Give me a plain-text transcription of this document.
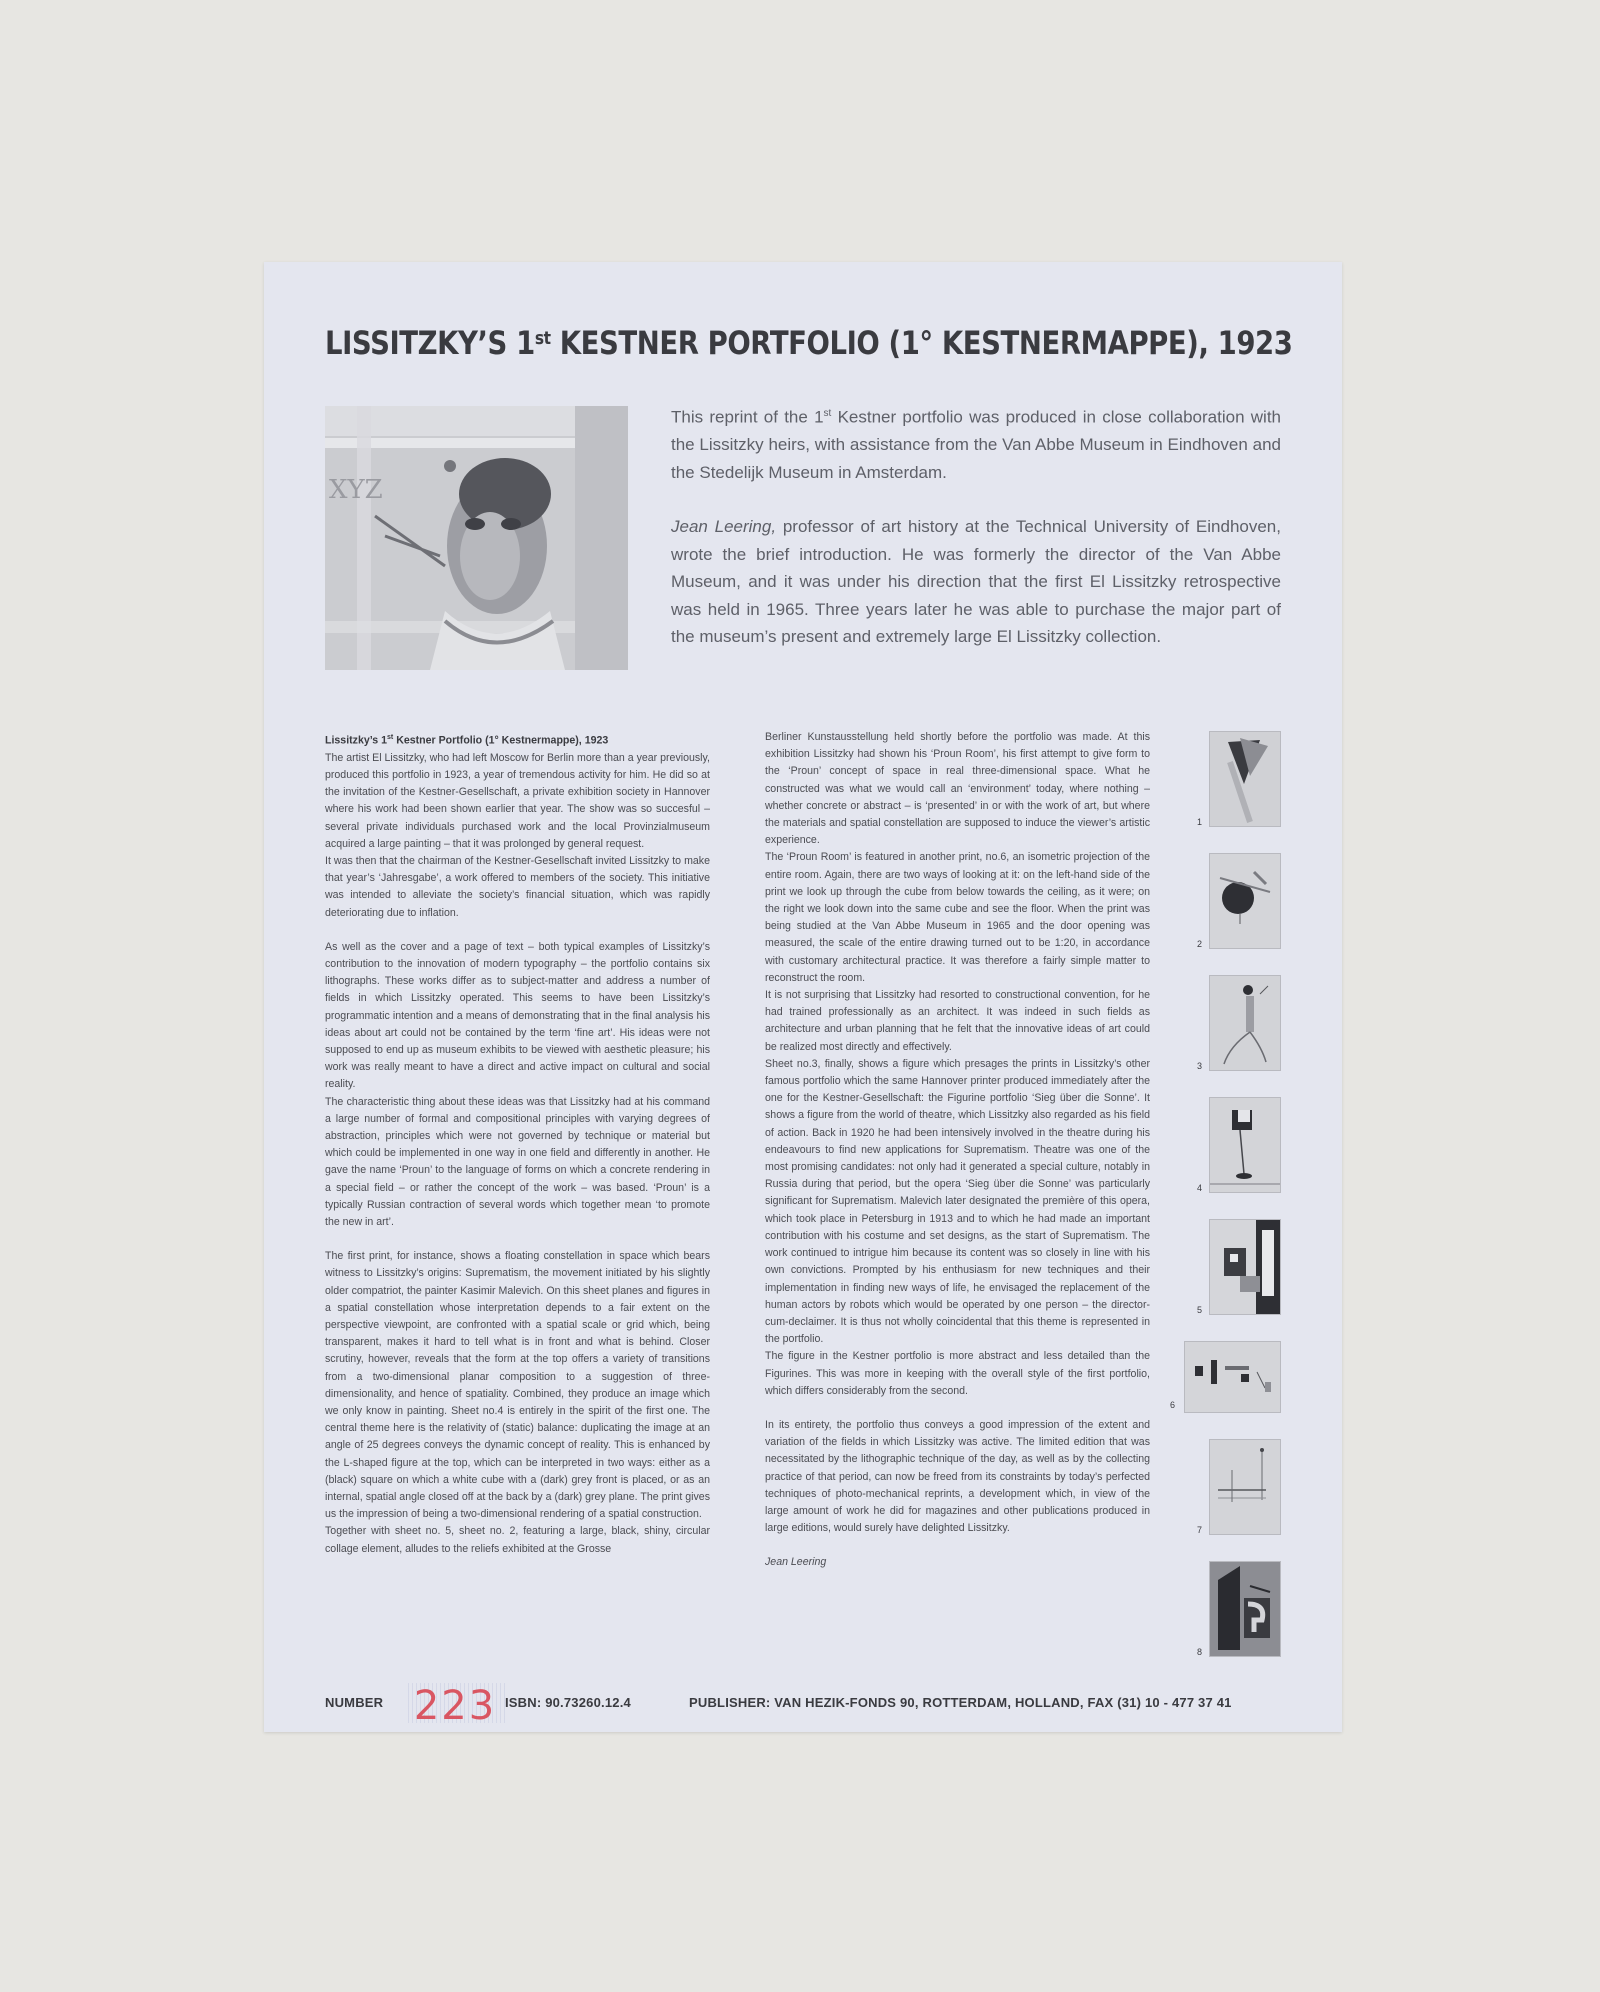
LISSITZKY’S 1st KESTNER PORTFOLIO (1° KESTNERMAPPE), 1923
XYZ

This reprint of the 1st Kestner portfolio was produced in close collaboration with the Lissitzky heirs, with assistance from the Van Abbe Museum in Eindhoven and the Stedelijk Museum in Amsterdam.

Jean Leering, professor of art history at the Technical University of Eindhoven, wrote the brief introduction. He was formerly the director of the Van Abbe Museum, and it was under his direction that the first El Lissitzky retrospective was held in 1965. Three years later he was able to purchase the major part of the museum’s present and extremely large El Lissitzky collection.

Lissitzky’s 1st Kestner Portfolio (1° Kestnermappe), 1923

The artist El Lissitzky, who had left Moscow for Berlin more than a year previously, produced this portfolio in 1923, a year of tremendous activity for him. He did so at the invitation of the Kestner-Gesellschaft, a private exhibition society in Hannover where his work had been shown earlier that year. The show was so succesful – several private individuals purchased work and the local Provinzialmuseum acquired a large painting – that it was prolonged by general request.

It was then that the chairman of the Kestner-Gesellschaft invited Lissitzky to make that year’s ‘Jahresgabe’, a work offered to members of the society. This initiative was intended to alleviate the society’s financial situation, which was rapidly deteriorating due to inflation.

As well as the cover and a page of text – both typical examples of Lissitzky’s contribution to the innovation of modern typography – the portfolio contains six lithographs. These works differ as to subject-matter and address a number of fields in which Lissitzky operated. This seems to have been Lissitzky’s programmatic intention and a means of demonstrating that in the final analysis his ideas about art could not be contained by the term ‘fine art’. His ideas were not supposed to end up as museum exhibits to be viewed with aesthetic pleasure; his work was really meant to have a direct and active impact on cultural and social reality.

The characteristic thing about these ideas was that Lissitzky had at his command a large number of formal and compositional principles with varying degrees of abstraction, principles which were not governed by technique or material but which could be implemented in one way in one field and differently in another. He gave the name ‘Proun’ to the language of forms on which a concrete rendering in a special field – or rather the concept of the work – was based. ‘Proun’ is a typically Russian contraction of several words which together mean ‘to promote the new in art’.

The first print, for instance, shows a floating constellation in space which bears witness to Lissitzky’s origins: Suprematism, the movement initiated by his slightly older compatriot, the painter Kasimir Malevich. On this sheet planes and figures in a spatial constellation whose interpretation depends to a fair extent on the perspective viewpoint, are confronted with a spatial scale or grid which, being transparent, makes it hard to tell what is in front and what is behind. Closer scrutiny, however, reveals that the form at the top offers a variety of transitions from a two-dimensional planar composition to a suggestion of three-dimensionality, and hence of spatiality. Combined, they produce an image which we only know in painting. Sheet no.4 is entirely in the spirit of the first one. The central theme here is the relativity of (static) balance: duplicating the image at an angle of 25 degrees conveys the dynamic concept of reality. This is enhanced by the L-shaped figure at the top, which can be interpreted in two ways: either as a (black) square on which a white cube with a (dark) grey front is placed, or as an internal, spatial angle closed off at the back by a (dark) grey plane. The print gives us the impression of being a two-dimensional rendering of a spatial construction.

Together with sheet no. 5, sheet no. 2, featuring a large, black, shiny, circular collage element, alludes to the reliefs exhibited at the Grosse

Berliner Kunstausstellung held shortly before the portfolio was made. At this exhibition Lissitzky had shown his ‘Proun Room’, his first attempt to give form to the ‘Proun’ concept of space in real three-dimensional space. What he constructed was what we would call an ‘environment’ today, where nothing – whether concrete or abstract – is ‘presented’ in or with the work of art, but where the materials and spatial constellation are supposed to induce the viewer’s artistic experience.

The ‘Proun Room’ is featured in another print, no.6, an isometric projection of the entire room. Again, there are two ways of looking at it: on the left-hand side of the print we look up through the cube from below towards the ceiling, as it were; on the right we look down into the same cube and see the floor. When the print was being studied at the Van Abbe Museum in 1965 and the door opening was measured, the scale of the entire drawing turned out to be 1:20, in accordance with customary architectural practice. It was therefore a fairly simple matter to reconstruct the room.

It is not surprising that Lissitzky had resorted to constructional convention, for he had trained professionally as an architect. It was indeed in such fields as architecture and urban planning that he felt that the innovative ideas of art could be realized most directly and effectively.

Sheet no.3, finally, shows a figure which presages the prints in Lissitzky’s other famous portfolio which the same Hannover printer produced immediately after the one for the Kestner-Gesellschaft: the Figurine portfolio ‘Sieg über die Sonne’. It shows a figure from the world of theatre, which Lissitzky also regarded as his field of action. Back in 1920 he had been intensively involved in the theatre during his endeavours to find new applications for Suprematism. Theatre was one of the most promising candidates: not only had it generated a special culture, notably in Russia during that period, but the opera ‘Sieg über die Sonne’ was particularly significant for Suprematism. Malevich later designated the première of this opera, which took place in Petersburg in 1913 and to which he had made an important contribution with his costume and set designs, as the start of Suprematism. The work continued to intrigue him because its content was so closely in line with his own convictions. Prompted by his enthusiasm for new techniques and their implementation in finding new ways of life, he envisaged the replacement of the human actors by robots which would be operated by one person – the director-cum-declaimer. It is thus not wholly coincidental that this theme is represented in the portfolio.

The figure in the Kestner portfolio is more abstract and less detailed than the Figurines. This was more in keeping with the overall style of the first portfolio, which differs considerably from the second.

In its entirety, the portfolio thus conveys a good impression of the extent and variation of the fields in which Lissitzky was active. The limited edition that was necessitated by the lithographic technique of the day, as well as by the collecting practice of that period, can now be freed from its constraints by today’s perfected techniques of photo-mechanical reprints, a development which, in view of the large amount of work he did for magazines and other publications produced in large editions, would surely have delighted Lissitzky.

Jean Leering

1
2
3
4
5
6
7
8
NUMBER 223 ISBN: 90.73260.12.4	PUBLISHER: VAN HEZIK-FONDS 90, ROTTERDAM, HOLLAND, FAX (31) 10 - 477 37 41
